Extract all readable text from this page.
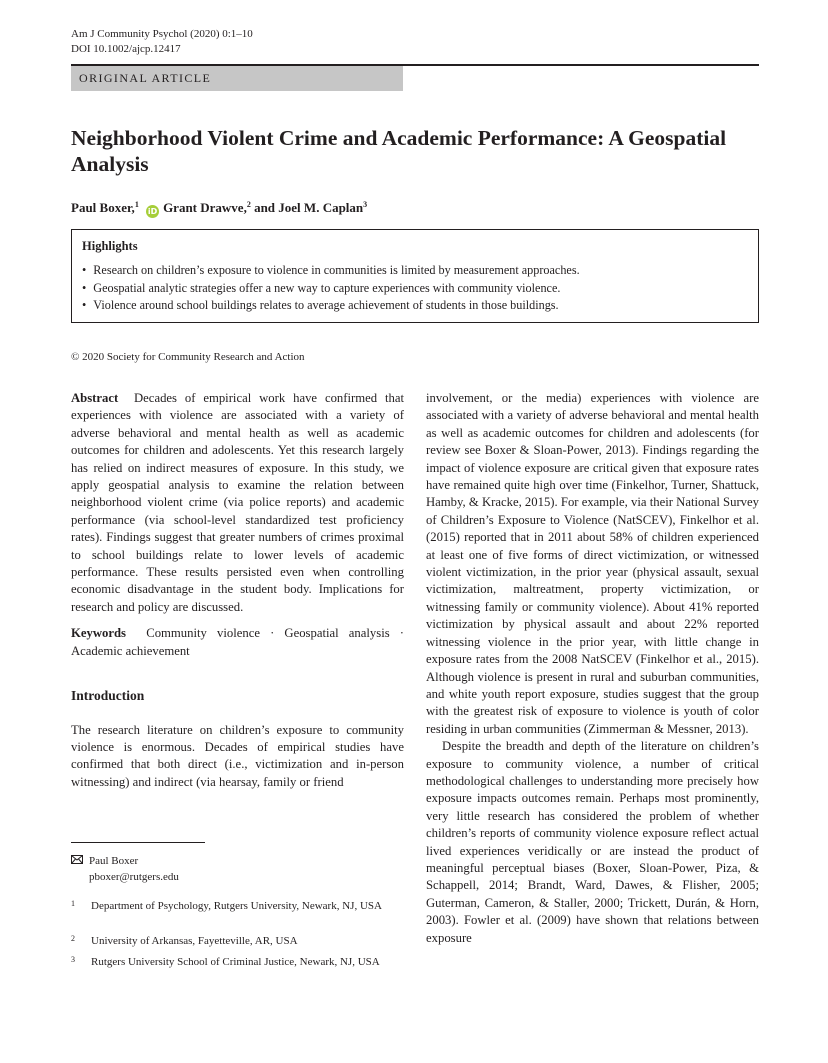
Am J Community Psychol (2020) 0:1–10
DOI 10.1002/ajcp.12417
ORIGINAL ARTICLE
Neighborhood Violent Crime and Academic Performance: A Geospatial Analysis
Paul Boxer,$^1$ iD Grant Drawve,$^2$ and Joel M. Caplan$^3$
Highlights
• Research on children’s exposure to violence in communities is limited by measurement approaches.
• Geospatial analytic strategies offer a new way to capture experiences with community violence.
• Violence around school buildings relates to average achievement of students in those buildings.
© 2020 Society for Community Research and Action

Abstract Decades of empirical work have confirmed that experiences with violence are associated with a variety of adverse behavioral and mental health as well as academic outcomes for children and adolescents. Yet this research largely has relied on indirect measures of exposure. In this study, we apply geospatial analysis to examine the relation between neighborhood violent crime (via police reports) and academic performance (via school-level standardized test proficiency rates). Findings suggest that greater numbers of crimes proximal to school buildings relate to lower levels of academic performance. These results persisted even when controlling economic disadvantage in the student body. Implications for research and policy are discussed.

Keywords Community violence · Geospatial analysis · Academic achievement

Introduction

The research literature on children’s exposure to community violence is enormous. Decades of empirical studies have confirmed that both direct (i.e., victimization and in-person witnessing) and indirect (via hearsay, family or friend

involvement, or the media) experiences with violence are associated with a variety of adverse behavioral and mental health as well as academic outcomes for children and adolescents (for review see Boxer & Sloan-Power, 2013). Findings regarding the impact of violence exposure are critical given that exposure rates have remained quite high over time (Finkelhor, Turner, Shattuck, Hamby, & Kracke, 2015). For example, via their National Survey of Children’s Exposure to Violence (NatSCEV), Finkelhor et al. (2015) reported that in 2011 about 58% of children experienced at least one of five forms of direct victimization, or witnessed violent victimization, in the prior year (physical assault, sexual victimization, maltreatment, property victimization, or witnessing family or community violence). About 41% reported victimization by physical assault and about 22% reported witnessing violence in the prior year, with little change in exposure rates from the 2008 NatSCEV (Finkelhor et al., 2015). Although violence is present in rural and suburban communities, and white youth report exposure, studies suggest that the group with the greatest risk of exposure to violence is youth of color residing in urban communities (Zimmerman & Messner, 2013).

Despite the breadth and depth of the literature on children’s exposure to community violence, a number of critical methodological challenges to understanding more precisely how exposure impacts outcomes remain. Perhaps most prominently, very little research has considered the problem of whether children’s reports of community violence exposure reflect actual lived experiences veridically or are instead the product of meaningful perceptual biases (Boxer, Sloan-Power, Piza, & Schappell, 2014; Brandt, Ward, Dawes, & Flisher, 2005; Guterman, Cameron, & Staller, 2000; Trickett, Durán, & Horn, 2003). Fowler et al. (2009) have shown that relations between exposure

Paul Boxer
pboxer@rutgers.edu
1	Department of Psychology, Rutgers University, Newark, NJ, USA
2	University of Arkansas, Fayetteville, AR, USA
3	Rutgers University School of Criminal Justice, Newark, NJ, USA
